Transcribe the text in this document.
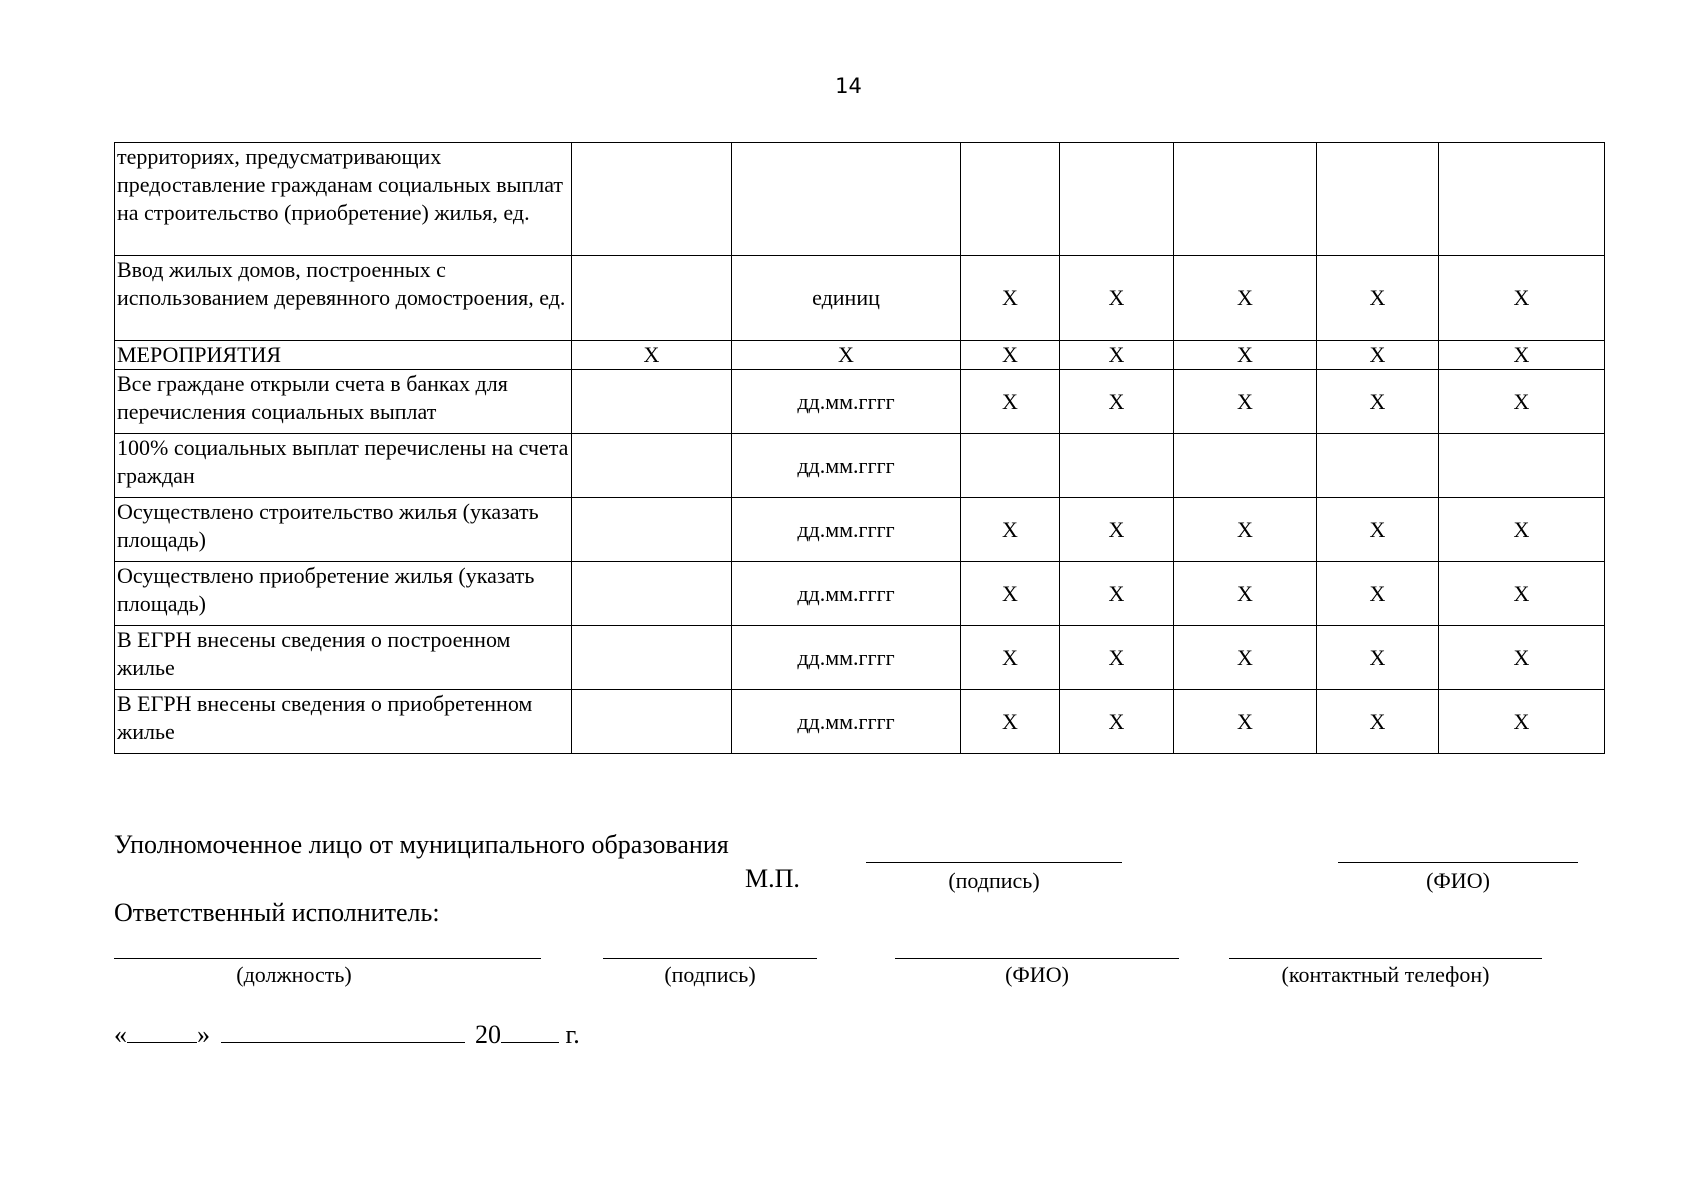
14
территориях, предусматривающих предоставление гражданам социальных выплат на строительство (приобретение) жилья, ед.							
Ввод жилых домов, построенных с использованием деревянного домостроения, ед.		единиц	Х	Х	Х	Х	Х
МЕРОПРИЯТИЯ	Х	Х	Х	Х	Х	Х	Х
Все граждане открыли счета в банках для перечисления социальных выплат		дд.мм.гггг	Х	Х	Х	Х	Х
100% социальных выплат перечислены на счета граждан		дд.мм.гггг					
Осуществлено строительство жилья (указать площадь)		дд.мм.гггг	Х	Х	Х	Х	Х
Осуществлено приобретение жилья (указать площадь)		дд.мм.гггг	Х	Х	Х	Х	Х
В ЕГРН внесены сведения о построенном жилье		дд.мм.гггг	Х	Х	Х	Х	Х
В ЕГРН внесены сведения о приобретенном жилье		дд.мм.гггг	Х	Х	Х	Х	Х
Уполномоченное лицо от муниципального образования
М.П.	(подпись)	(ФИО)
Ответственный исполнитель:
(должность)	(подпись)	(ФИО)	(контактный телефон)
«	»	20 г.
